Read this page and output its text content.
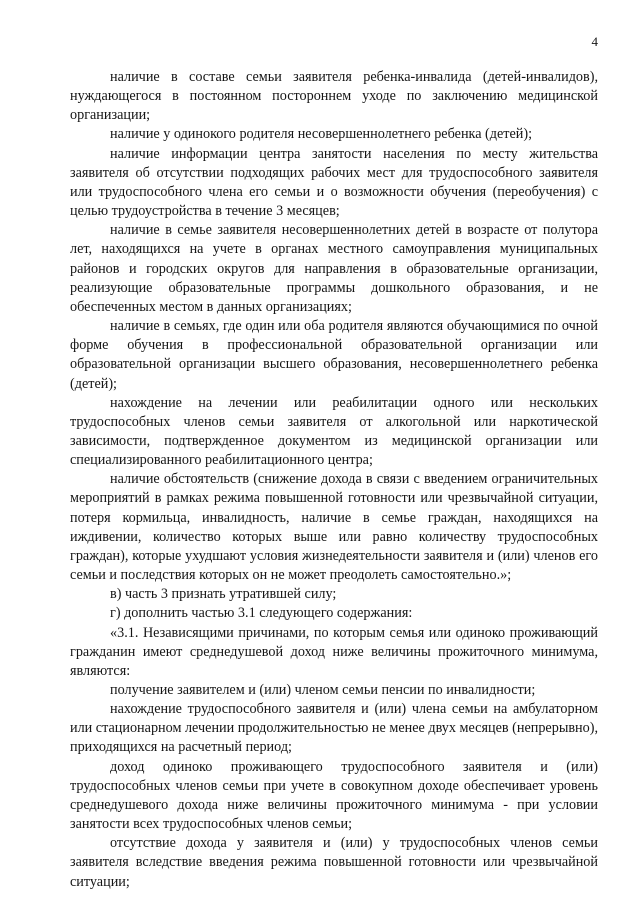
4

наличие в составе семьи заявителя ребенка-инвалида (детей-инвалидов), нуждающегося в постоянном постороннем уходе по заключению медицинской организации;

наличие у одинокого родителя несовершеннолетнего ребенка (детей);

наличие информации центра занятости населения по месту жительства заявителя об отсутствии подходящих рабочих мест для трудоспособного заявителя или трудоспособного члена его семьи и о возможности обучения (переобучения) с целью трудоустройства в течение 3 месяцев;

наличие в семье заявителя несовершеннолетних детей в возрасте от полутора лет, находящихся на учете в органах местного самоуправления муниципальных районов и городских округов для направления в образовательные организации, реализующие образовательные программы дошкольного образования, и не обеспеченных местом в данных организациях;

наличие в семьях, где один или оба родителя являются обучающимися по очной форме обучения в профессиональной образовательной организации или образовательной организации высшего образования, несовершеннолетнего ребенка (детей);

нахождение на лечении или реабилитации одного или нескольких трудоспособных членов семьи заявителя от алкогольной или наркотической зависимости, подтвержденное документом из медицинской организации или специализированного реабилитационного центра;

наличие обстоятельств (снижение дохода в связи с введением ограничительных мероприятий в рамках режима повышенной готовности или чрезвычайной ситуации, потеря кормильца, инвалидность, наличие в семье граждан, находящихся на иждивении, количество которых выше или равно количеству трудоспособных граждан), которые ухудшают условия жизнедеятельности заявителя и (или) членов его семьи и последствия которых он не может преодолеть самостоятельно.»;

в) часть 3 признать утратившей силу;

г) дополнить частью 3.1 следующего содержания:

«3.1. Независящими причинами, по которым семья или одиноко проживающий гражданин имеют среднедушевой доход ниже величины прожиточного минимума, являются:

получение заявителем и (или) членом семьи пенсии по инвалидности;

нахождение трудоспособного заявителя и (или) члена семьи на амбулаторном или стационарном лечении продолжительностью не менее двух месяцев (непрерывно), приходящихся на расчетный период;

доход одиноко проживающего трудоспособного заявителя и (или) трудоспособных членов семьи при учете в совокупном доходе обеспечивает уровень среднедушевого дохода ниже величины прожиточного минимума - при условии занятости всех трудоспособных членов семьи;

отсутствие дохода у заявителя и (или) у трудоспособных членов семьи заявителя вследствие введения режима повышенной готовности или чрезвычайной ситуации;
